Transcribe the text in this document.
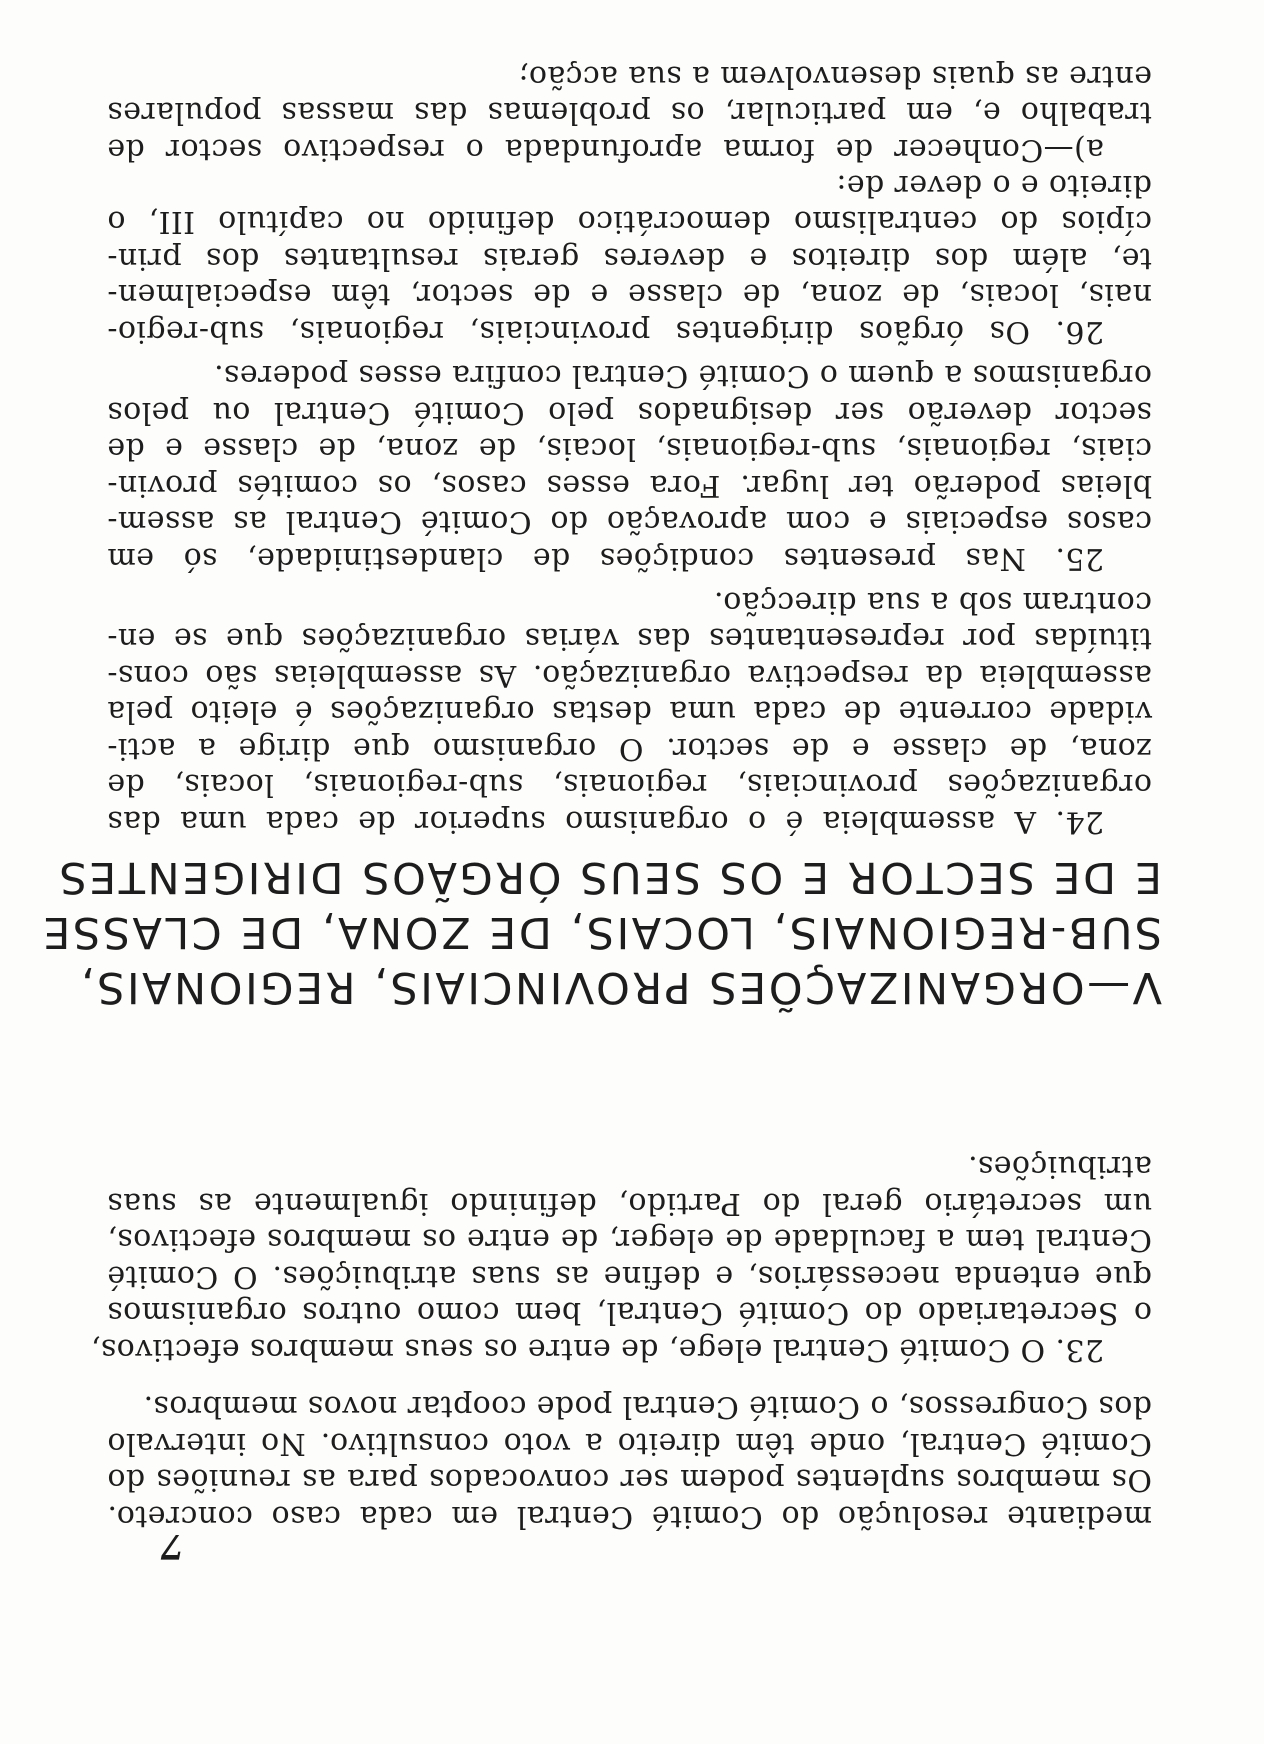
7
mediante resolução do Comité Central em cada caso concreto.
Os membros suplentes podem ser convocados para as reuniões do
Comité Central, onde têm direito a voto consultivo. No intervalo
dos Congressos, o Comité Central pode cooptar novos membros.
23. O Comité Central elege, de entre os seus membros efectivos,
o Secretariado do Comité Central, bem como outros organismos
que entenda necessários, e define as suas atribuições. O Comité
Central tem a faculdade de eleger, de entre os membros efectivos,
um secretário geral do Partido, definindo igualmente as suas
atribuições.
V—ORGANIZAÇÕES PROVINCIAIS, REGIONAIS,
SUB-REGIONAIS, LOCAIS, DE ZONA, DE CLASSE
E DE SECTOR E OS SEUS ÓRGÃOS DIRIGENTES
24. A assembleia é o organismo superior de cada uma das
organizações provinciais, regionais, sub-regionais, locais, de
zona, de classe e de sector. O organismo que dirige a acti-
vidade corrente de cada uma destas organizações é eleito pela
assembleia da respectiva organização. As assembleias são cons-
tituídas por representantes das várias organizações que se en-
contram sob a sua direcção.
25. Nas presentes condições de clandestinidade, só em
casos especiais e com aprovação do Comité Central as assem-
bleias poderão ter lugar. Fora esses casos, os comités provin-
ciais, regionais, sub-regionais, locais, de zona, de classe e de
sector deverão ser designados pelo Comité Central ou pelos
organismos a quem o Comité Central confira esses poderes.
26. Os órgãos dirigentes provinciais, regionais, sub-regio-
nais, locais, de zona, de classe e de sector, têm especialmen-
te, além dos direitos e deveres gerais resultantes dos prin-
cípios do centralismo democrático definido no capítulo III, o
direito e o dever de:
a)—Conhecer de forma aprofundada o respectivo sector de
trabalho e, em particular, os problemas das massas populares
entre as quais desenvolvem a sua acção;
